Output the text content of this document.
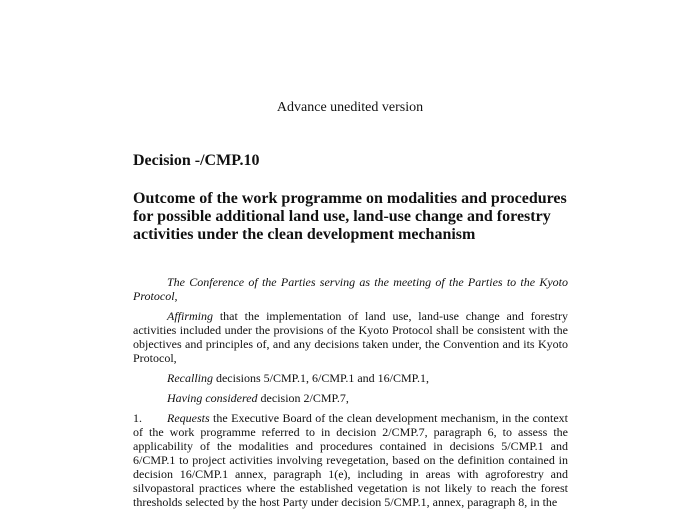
Advance unedited version
Decision -/CMP.10
Outcome of the work programme on modalities and procedures for possible additional land use, land-use change and forestry activities under the clean development mechanism

The Conference of the Parties serving as the meeting of the Parties to the Kyoto Protocol,

Affirming that the implementation of land use, land-use change and forestry activities included under the provisions of the Kyoto Protocol shall be consistent with the objectives and principles of, and any decisions taken under, the Convention and its Kyoto Protocol,

Recalling decisions 5/CMP.1, 6/CMP.1 and 16/CMP.1,

Having considered decision 2/CMP.7,

1. Requests the Executive Board of the clean development mechanism, in the context of the work programme referred to in decision 2/CMP.7, paragraph 6, to assess the applicability of the modalities and procedures contained in decisions 5/CMP.1 and 6/CMP.1 to project activities involving revegetation, based on the definition contained in decision 16/CMP.1 annex, paragraph 1(e), including in areas with agroforestry and silvopastoral practices where the established vegetation is not likely to reach the forest thresholds selected by the host Party under decision 5/CMP.1, annex, paragraph 8, in the
